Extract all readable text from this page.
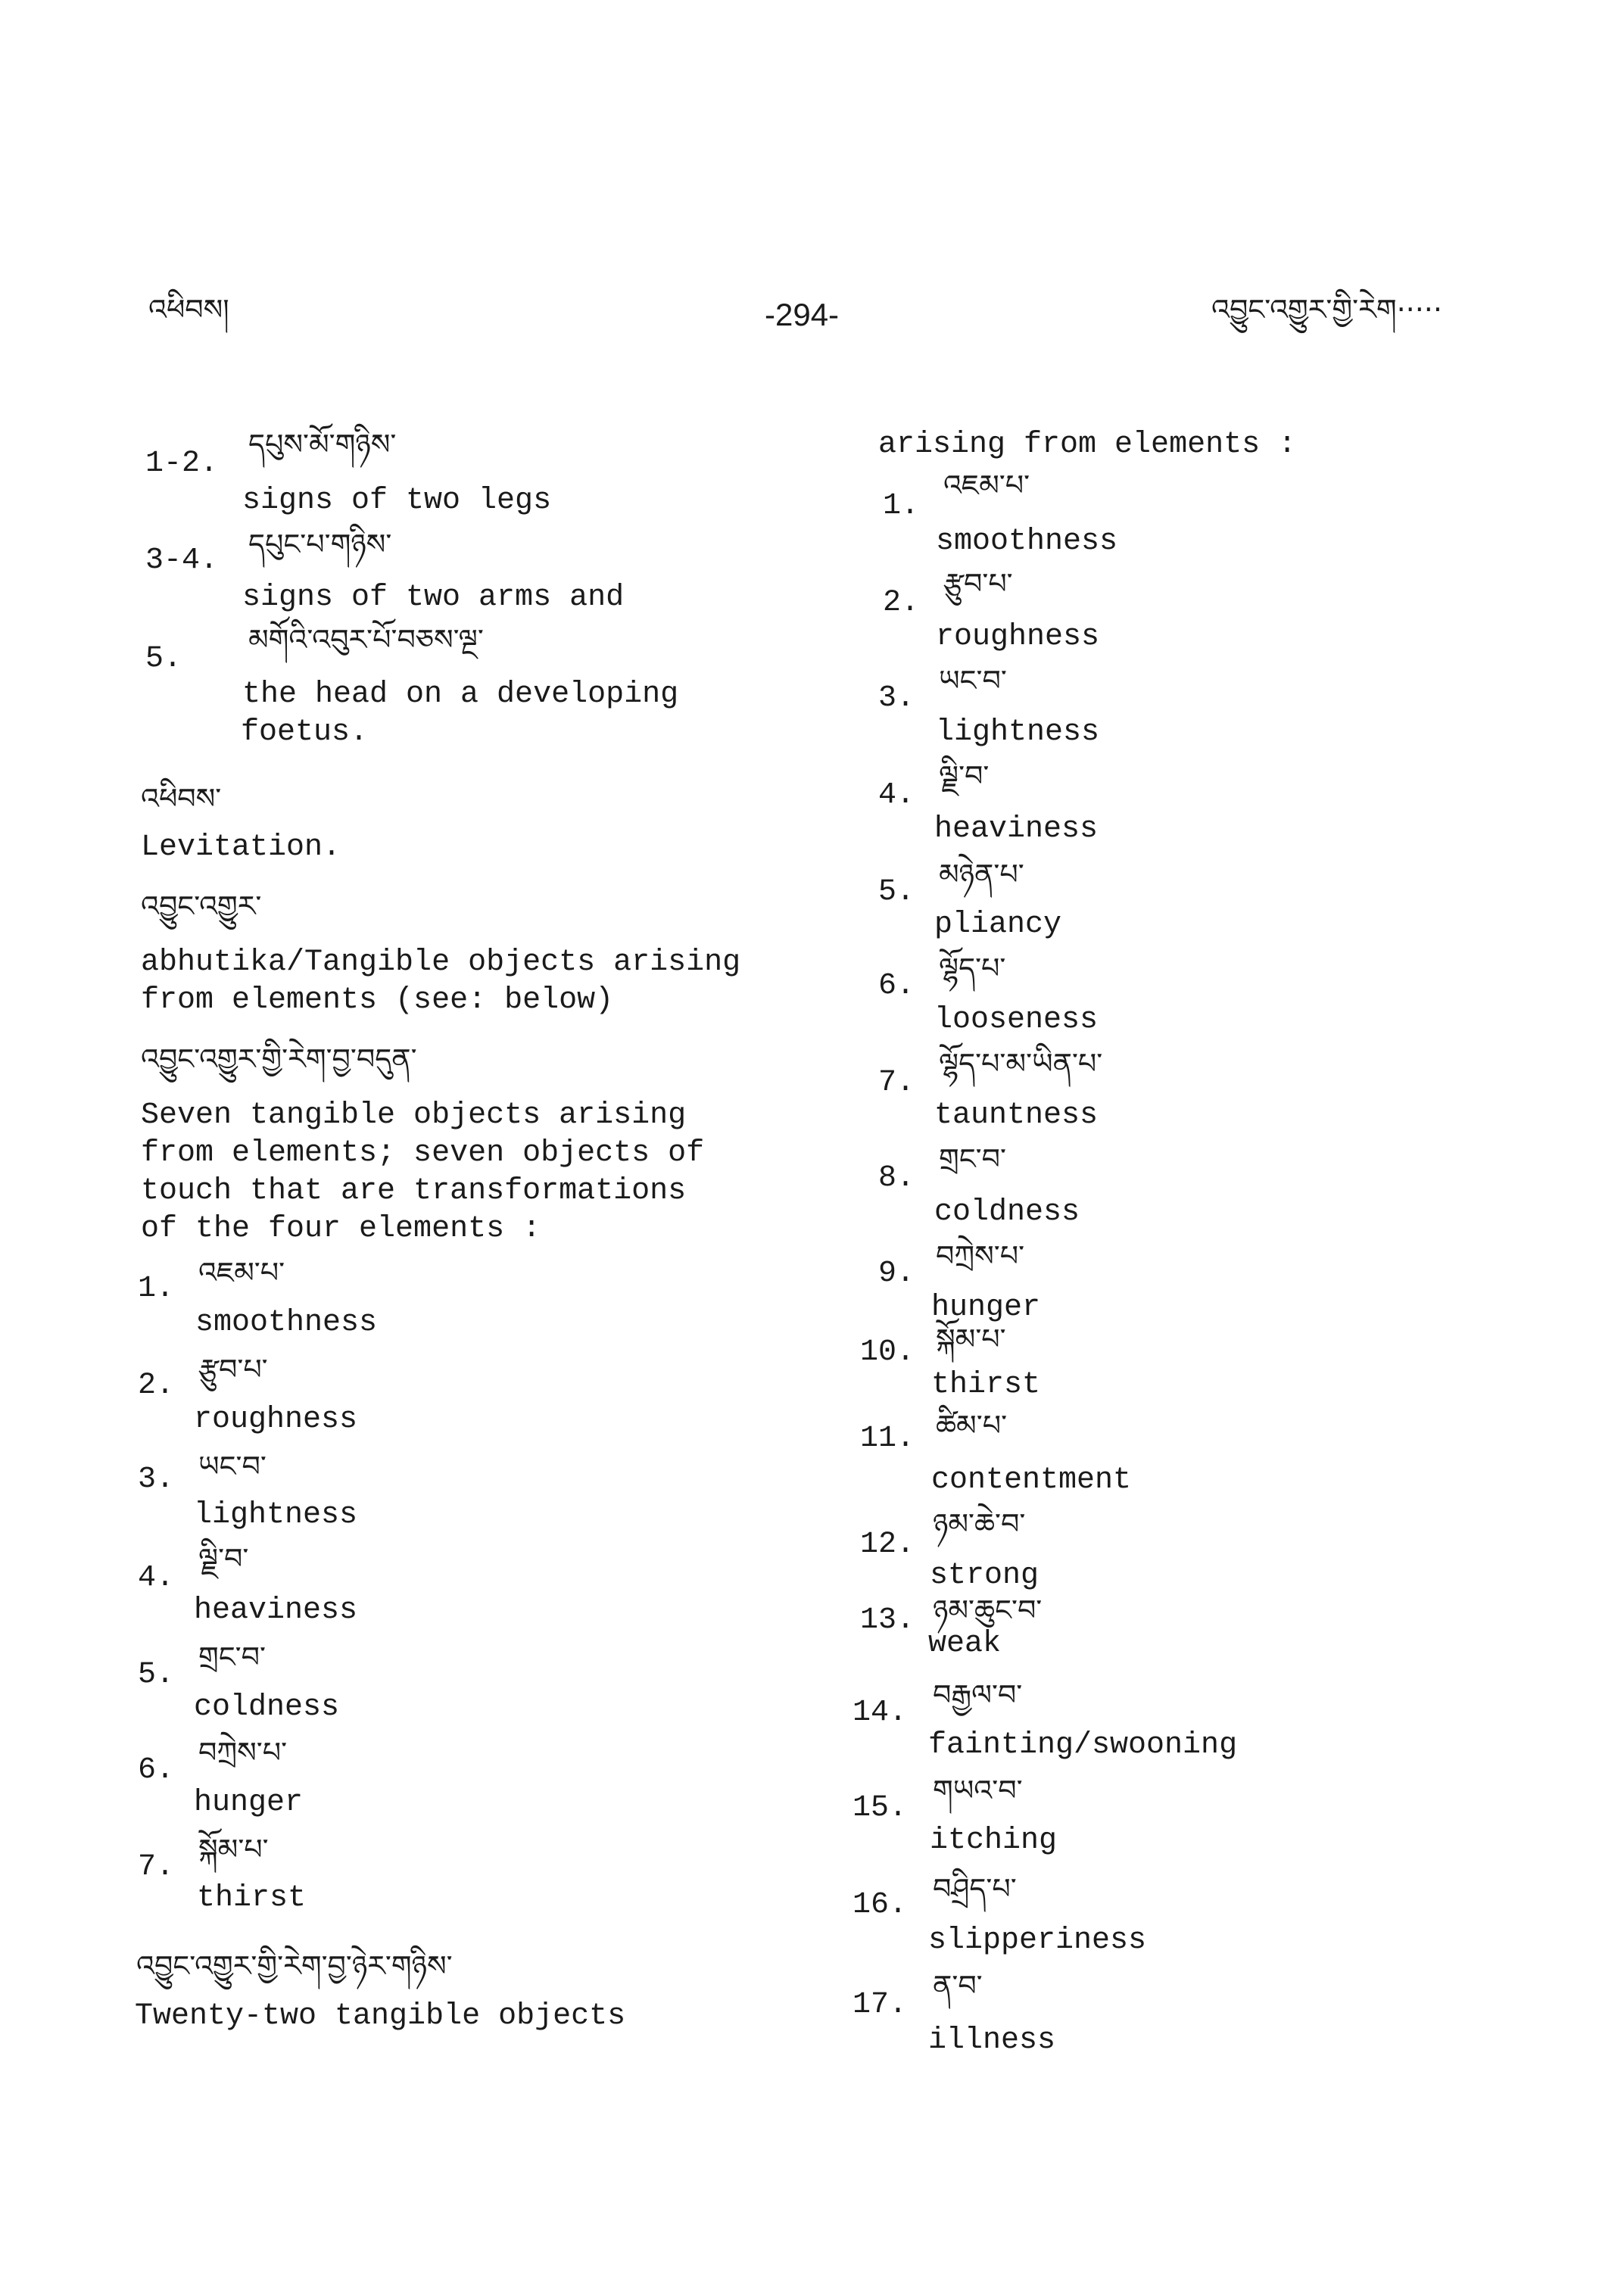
འཕིབས།	-294-	འབྱུང་འགྱུར་གྱི་རེག·····
1-2.
དཔུས་མོ་གཉིས་
signs of two legs
3-4. དཔུང་པ་གཉིས་
signs of two arms and
5.
མགོའི་འབུར་པོ་བཅས་ལྔ་
the head on a developing
foetus.
འཕིབས་
Levitation.
འབྱུང་འགྱུར་
abhutika/Tangible objects arising
from elements (see: below)
འབྱུང་འགྱུར་གྱི་རེག་བྱ་བདུན་
Seven tangible objects arising
from elements; seven objects of
touch that are transformations
of the four elements :
1. འཇམ་པ་
smoothness
2. རྩུབ་པ་
roughness
3. ཡང་བ་
lightness
4.
ལྗི་བ་
heaviness
5.
གྲང་བ་
coldness
6.
བཀྲེས་པ་
hunger
7.
སྐོམ་པ་
thirst
འབྱུང་འགྱུར་གྱི་རེག་བྱ་ཉེར་གཉིས་
Twenty-two tangible objects
arising from elements :
1.
འཇམ་པ་
smoothness
2.
རྩུབ་པ་
roughness
3.
ཡང་བ་
lightness
4.
ལྗི་བ་
heaviness
5.
མཉེན་པ་
pliancy
6.
ལྷོད་པ་
looseness
7.
ལྷོད་པ་མ་ཡིན་པ་
tauntness
8.
གྲང་བ་
coldness
9.
བཀྲེས་པ་
hunger
10. སྐོམ་པ་
thirst
11. ཚིམ་པ་
contentment
12.
ཉམ་ཆེ་བ་
strong
13. ཉམ་ཆུང་བ་
weak
14.
བརྒྱལ་བ་
fainting/swooning
15.
གཡའ་བ་
itching
16. བཤྲིད་པ་
slipperiness
17.
ན་བ་
illness
